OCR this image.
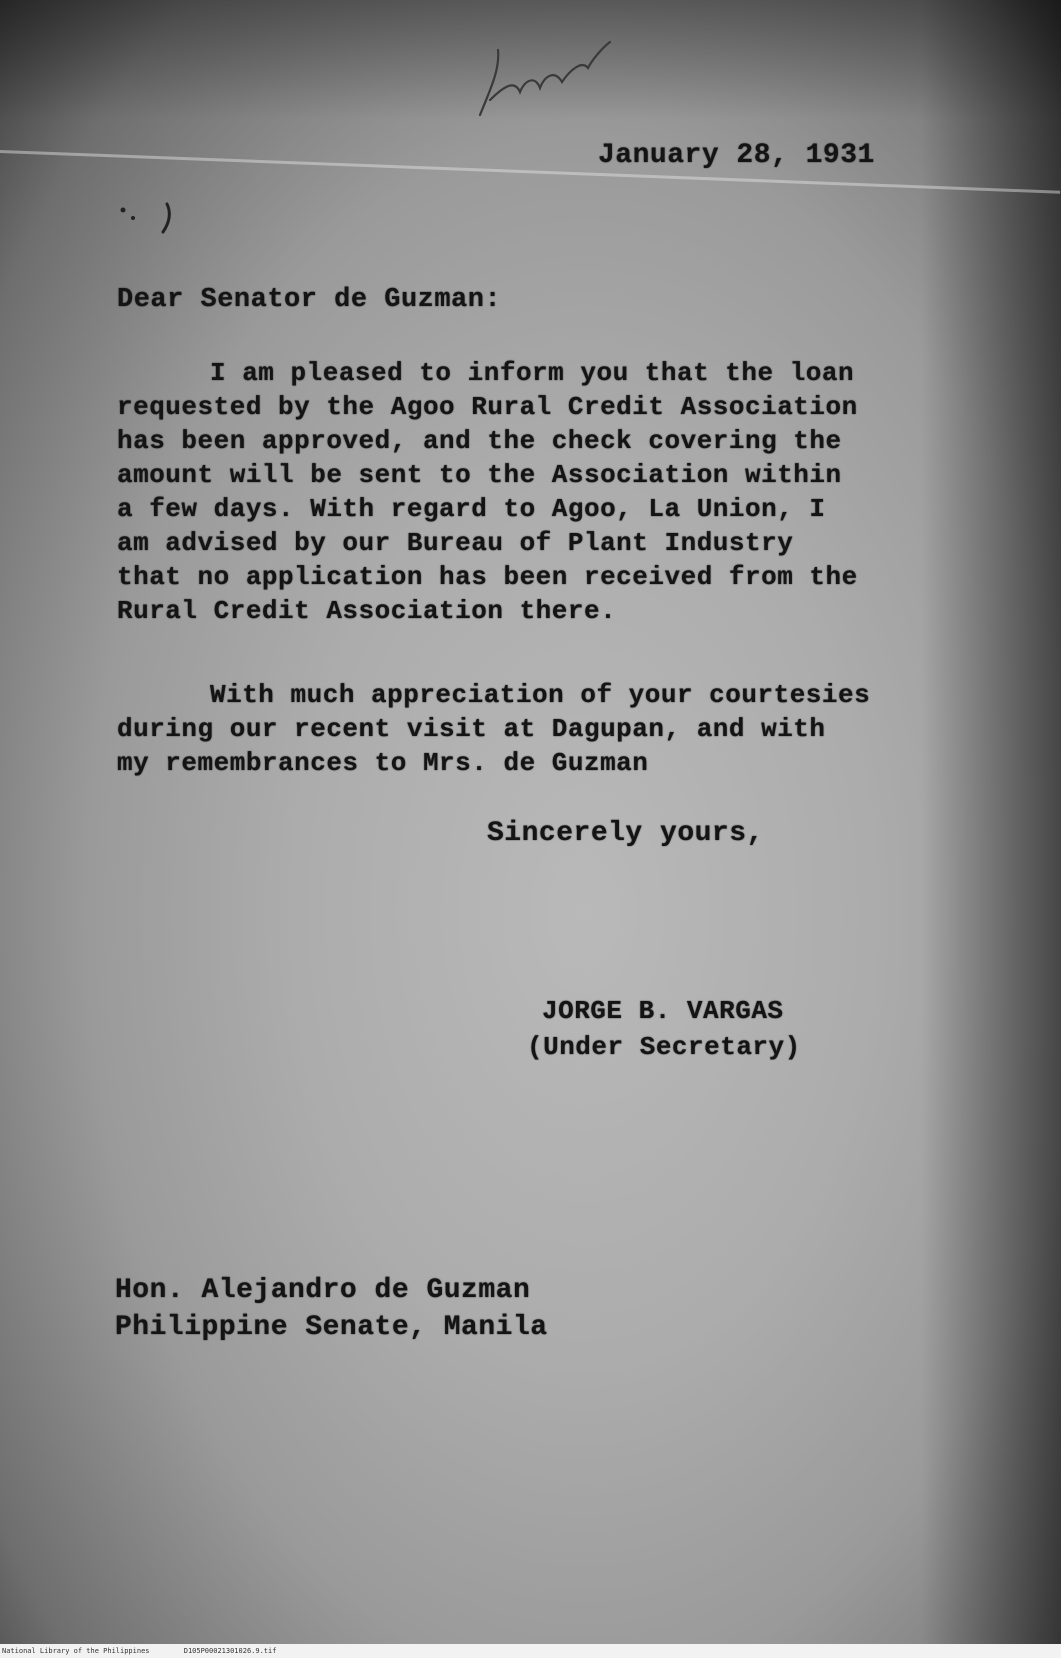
January 28, 1931
Dear Senator de Guzman:
I am pleased to inform you that the loan
requested by the Agoo Rural Credit Association
has been approved, and the check covering the
amount will be sent to the Association within
a few days. With regard to Agoo, La Union, I
am advised by our Bureau of Plant Industry
that no application has been received from the
Rural Credit Association there.
With much appreciation of your courtesies
during our recent visit at Dagupan, and with
my remembrances to Mrs. de Guzman
Sincerely yours,
JORGE B. VARGAS
(Under Secretary)
Hon. Alejandro de Guzman
Philippine Senate, Manila
National Library of the Philippines	D105P00021301026.9.tif
